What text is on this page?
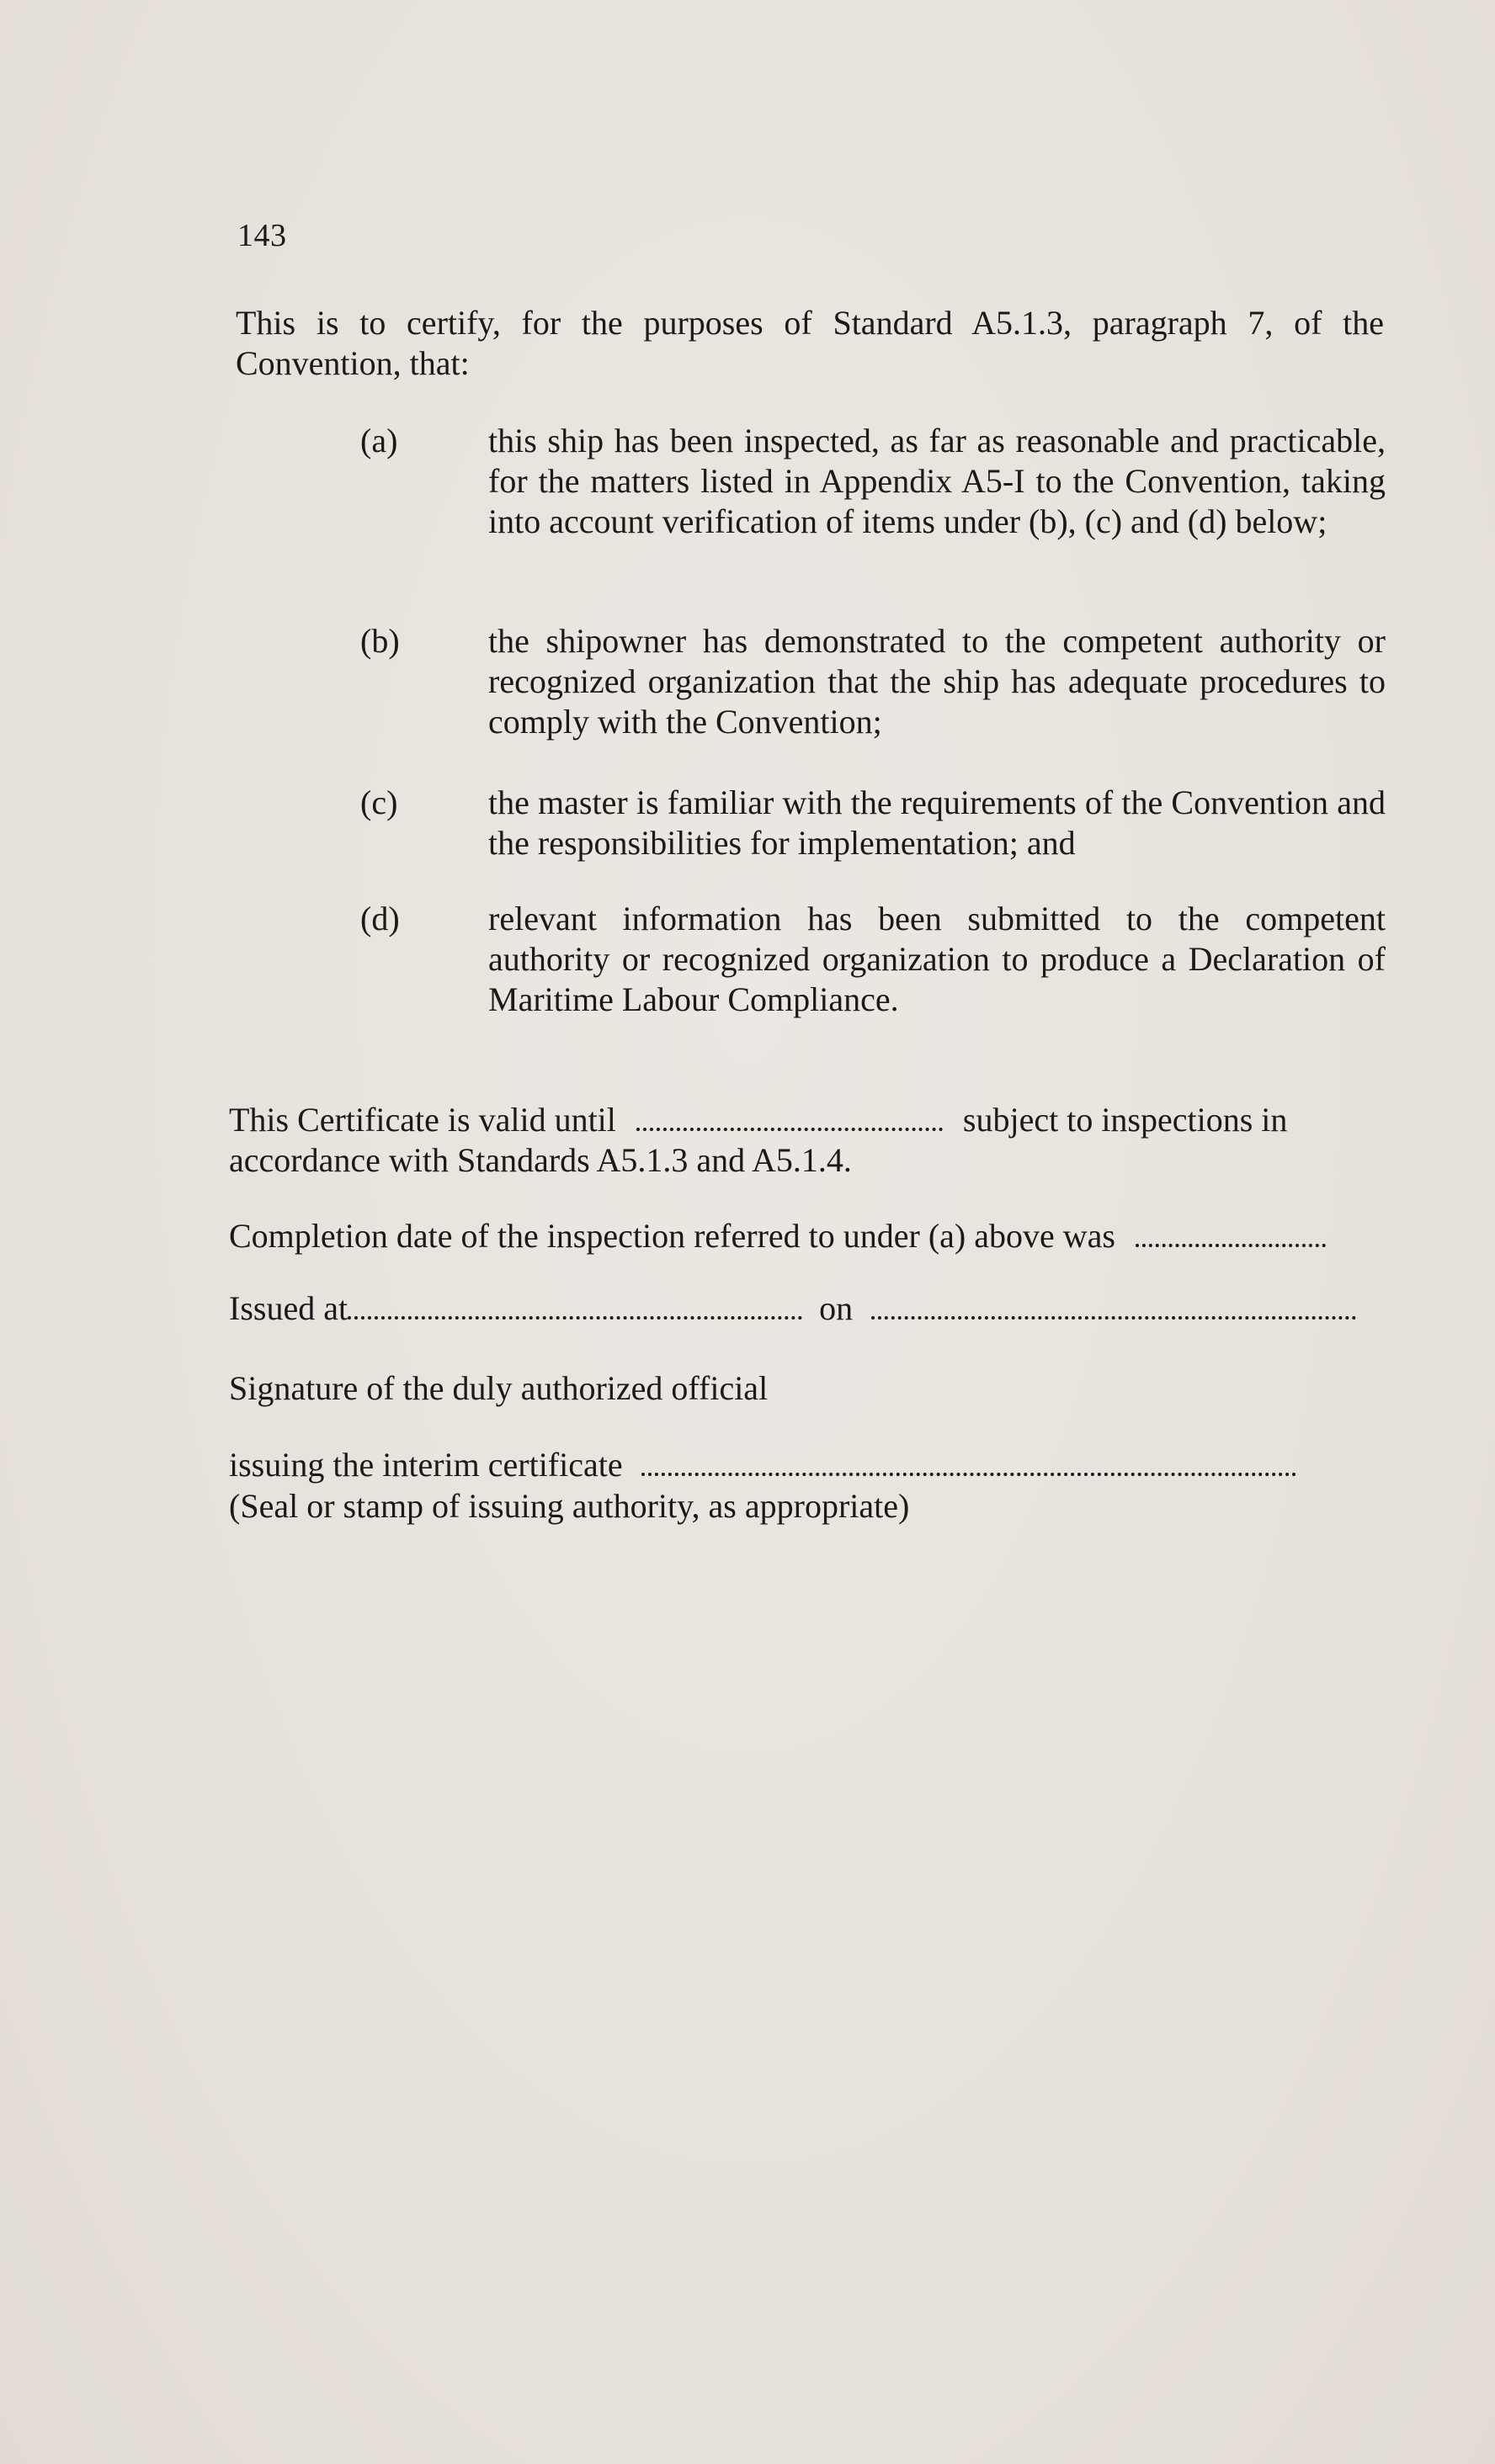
143
This is to certify, for the purposes of Standard A5.1.3, paragraph 7, of the Convention, that:
(a)	this ship has been inspected, as far as reasonable and practicable, for the matters listed in Appendix A5-I to the Convention, taking into account verification of items under (b), (c) and (d) below;
(b)	the shipowner has demonstrated to the competent authority or recognized organization that the ship has adequate procedures to comply with the Convention;
(c)	the master is familiar with the requirements of the Convention and the responsibilities for implementation; and
(d)	relevant information has been submitted to the competent authority or recognized organization to produce a Declaration of Maritime Labour Compliance.
This Certificate is valid until	subject to inspections in accordance with Standards A5.1.3 and A5.1.4.
Completion date of the inspection referred to under (a) above was
Issued at	on
Signature of the duly authorized official
issuing the interim certificate
(Seal or stamp of issuing authority, as appropriate)
